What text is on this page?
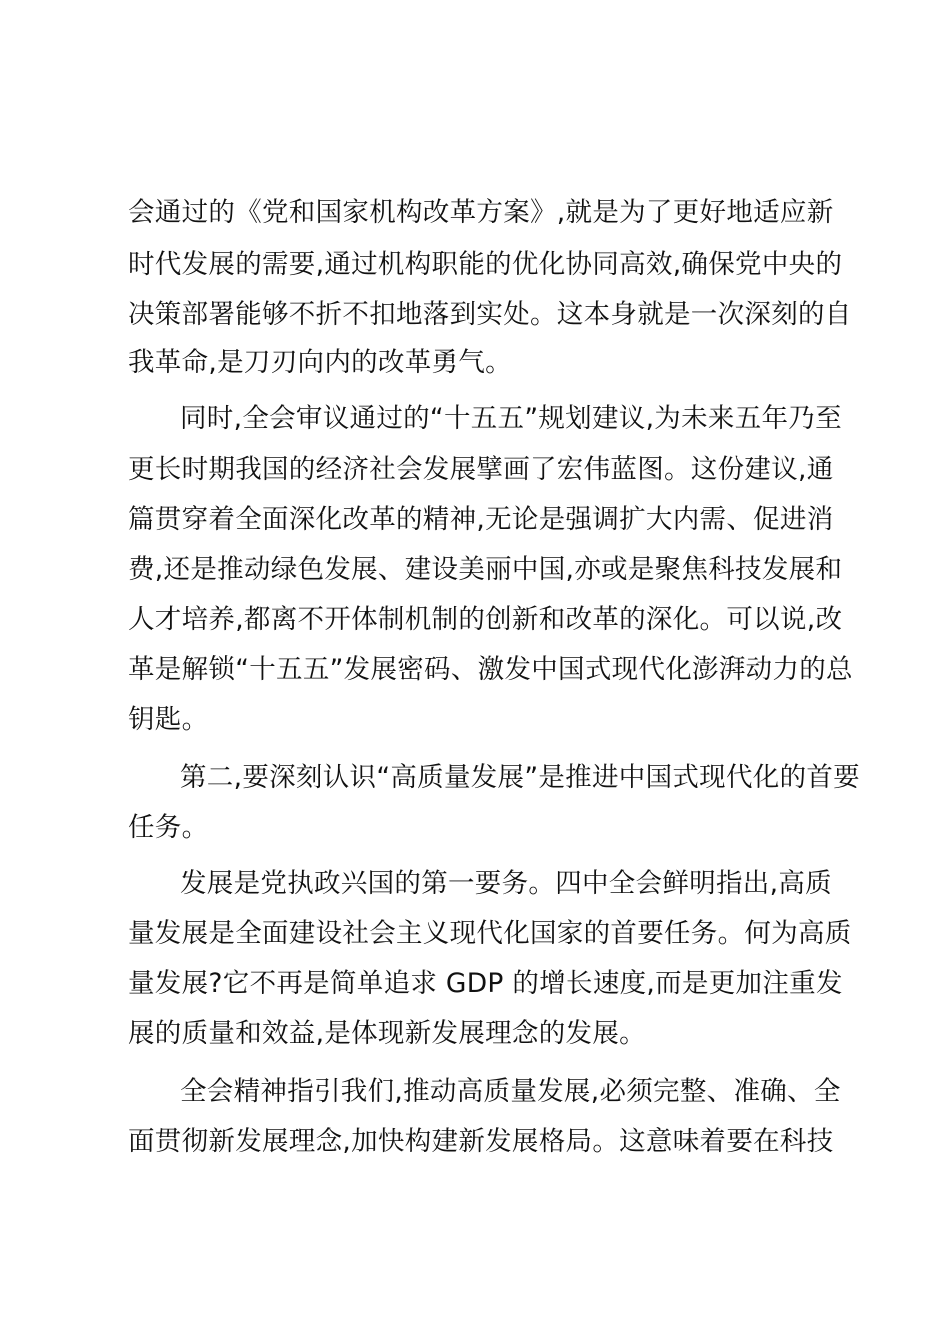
会通过的《党和国家机构改革方案》,就是为了更好地适应新
时代发展的需要,通过机构职能的优化协同高效,确保党中央的
决策部署能够不折不扣地落到实处。这本身就是一次深刻的自
我革命,是刀刃向内的改革勇气。
同时,全会审议通过的“十五五”规划建议,为未来五年乃至
更长时期我国的经济社会发展擘画了宏伟蓝图。这份建议,通
篇贯穿着全面深化改革的精神,无论是强调扩大内需、促进消
费,还是推动绿色发展、建设美丽中国,亦或是聚焦科技发展和
人才培养,都离不开体制机制的创新和改革的深化。可以说,改
革是解锁“十五五”发展密码、激发中国式现代化澎湃动力的总
钥匙。
第二,要深刻认识“高质量发展”是推进中国式现代化的首要
任务。
发展是党执政兴国的第一要务。四中全会鲜明指出,高质
量发展是全面建设社会主义现代化国家的首要任务。何为高质
量发展?它不再是简单追求 GDP 的增长速度,而是更加注重发
展的质量和效益,是体现新发展理念的发展。
全会精神指引我们,推动高质量发展,必须完整、准确、全
面贯彻新发展理念,加快构建新发展格局。这意味着要在科技
